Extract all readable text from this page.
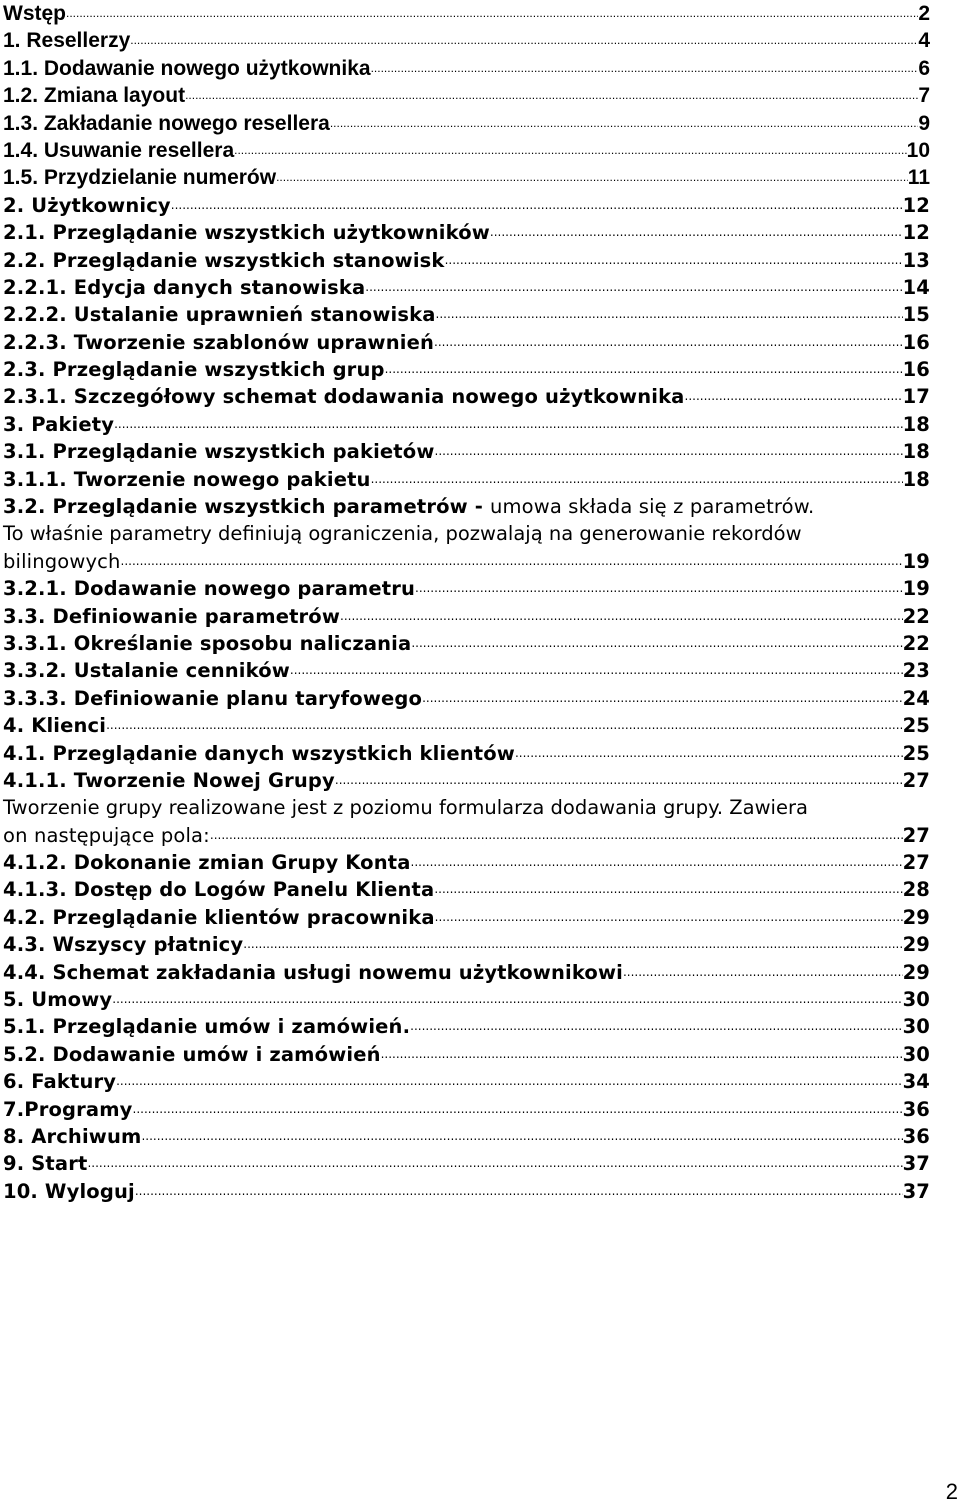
Wstęp .....	2
1. Resellerzy .....	4
1.1. Dodawanie nowego użytkownika .....	6
1.2. Zmiana layout .....	7
1.3. Zakładanie nowego resellera .....	9
1.4. Usuwanie resellera .....	10
1.5. Przydzielanie numerów .....	11
2. Użytkownicy .....	12
2.1. Przeglądanie wszystkich użytkowników .....	12
2.2. Przeglądanie wszystkich stanowisk .....	13
2.2.1. Edycja danych stanowiska .....	14
2.2.2. Ustalanie uprawnień stanowiska .....	15
2.2.3. Tworzenie szablonów uprawnień .....	16
2.3. Przeglądanie wszystkich grup .....	16
2.3.1. Szczegółowy schemat dodawania nowego użytkownika .....	17
3. Pakiety .....	18
3.1. Przeglądanie wszystkich pakietów .....	18
3.1.1. Tworzenie nowego pakietu .....	18
3.2. Przeglądanie wszystkich parametrów - umowa składa się z parametrów.
To właśnie parametry definiują ograniczenia, pozwalają na generowanie rekordów
bilingowych .....	19
3.2.1. Dodawanie nowego parametru .....	19
3.3. Definiowanie parametrów .....	22
3.3.1. Określanie sposobu naliczania .....	22
3.3.2. Ustalanie cenników .....	23
3.3.3. Definiowanie planu taryfowego .....	24
4. Klienci .....	25
4.1. Przeglądanie danych wszystkich klientów .....	25
4.1.1. Tworzenie Nowej Grupy .....	27
Tworzenie grupy realizowane jest z poziomu formularza dodawania grupy. Zawiera
on następujące pola: .....	27
4.1.2. Dokonanie zmian Grupy Konta .....	27
4.1.3. Dostęp do Logów Panelu Klienta .....	28
4.2. Przeglądanie klientów pracownika .....	29
4.3. Wszyscy płatnicy .....	29
4.4. Schemat zakładania usługi nowemu użytkownikowi .....	29
5. Umowy .....	30
5.1. Przeglądanie umów i zamówień. .....	30
5.2. Dodawanie umów i zamówień .....	30
6. Faktury .....	34
7.Programy .....	36
8. Archiwum .....	36
9. Start .....	37
10. Wyloguj .....	37
2
